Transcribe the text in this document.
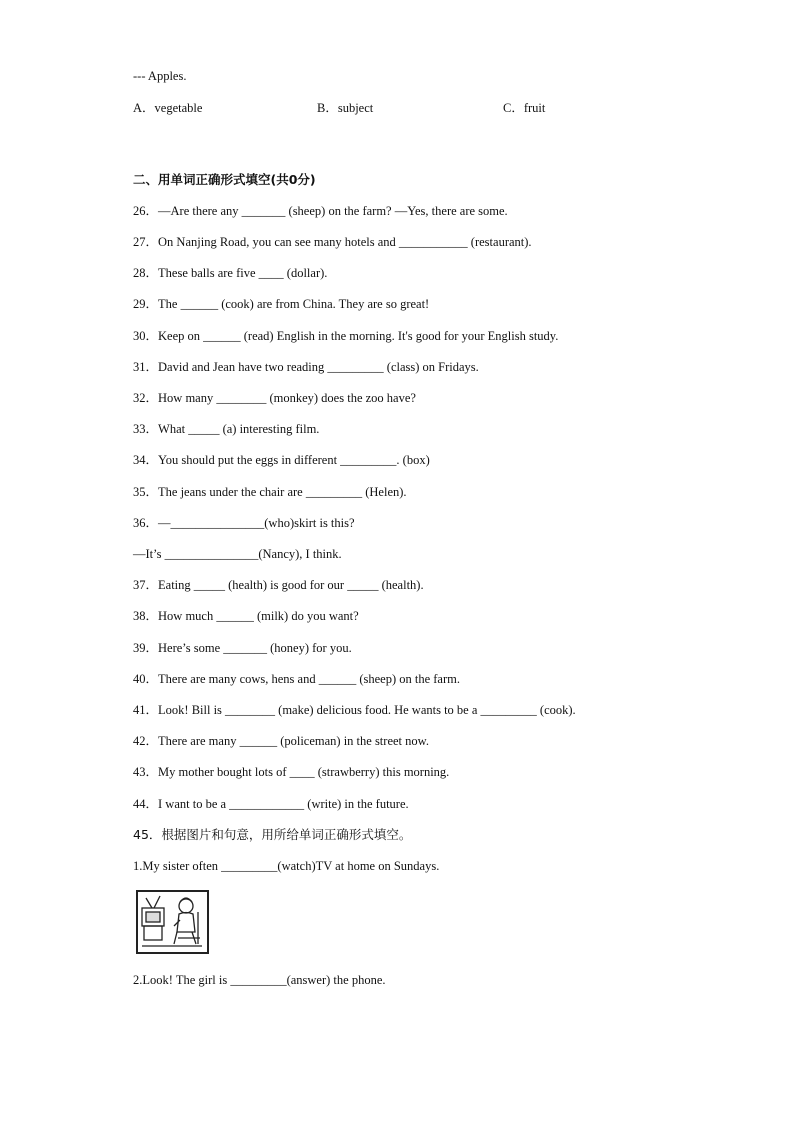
--- Apples.
A．vegetable	B．subject	C．fruit
二、用单词正确形式填空(共0分)
26．—Are there any _______ (sheep) on the farm? —Yes, there are some.
27．On Nanjing Road, you can see many hotels and ___________ (restaurant).
28．These balls are five ____ (dollar).
29．The ______ (cook) are from China. They are so great!
30．Keep on ______ (read) English in the morning. It's good for your English study.
31．David and Jean have two reading _________ (class) on Fridays.
32．How many ________ (monkey) does the zoo have?
33．What _____ (a) interesting film.
34．You should put the eggs in different _________. (box)
35．The jeans under the chair are _________ (Helen).
36．—_______________(who)skirt is this?
—It’s _______________(Nancy), I think.
37．Eating _____ (health) is good for our _____ (health).
38．How much ______ (milk) do you want?
39．Here’s some _______ (honey) for you.
40．There are many cows, hens and ______ (sheep) on the farm.
41．Look! Bill is ________ (make) delicious food. He wants to be a _________ (cook).
42．There are many ______ (policeman) in the street now.
43．My mother bought lots of ____ (strawberry) this morning.
44．I want to be a ____________ (write) in the future.
45．根据图片和句意，用所给单词正确形式填空。
1.My sister often _________(watch)TV at home on Sundays.
2.Look! The girl is _________(answer) the phone.
